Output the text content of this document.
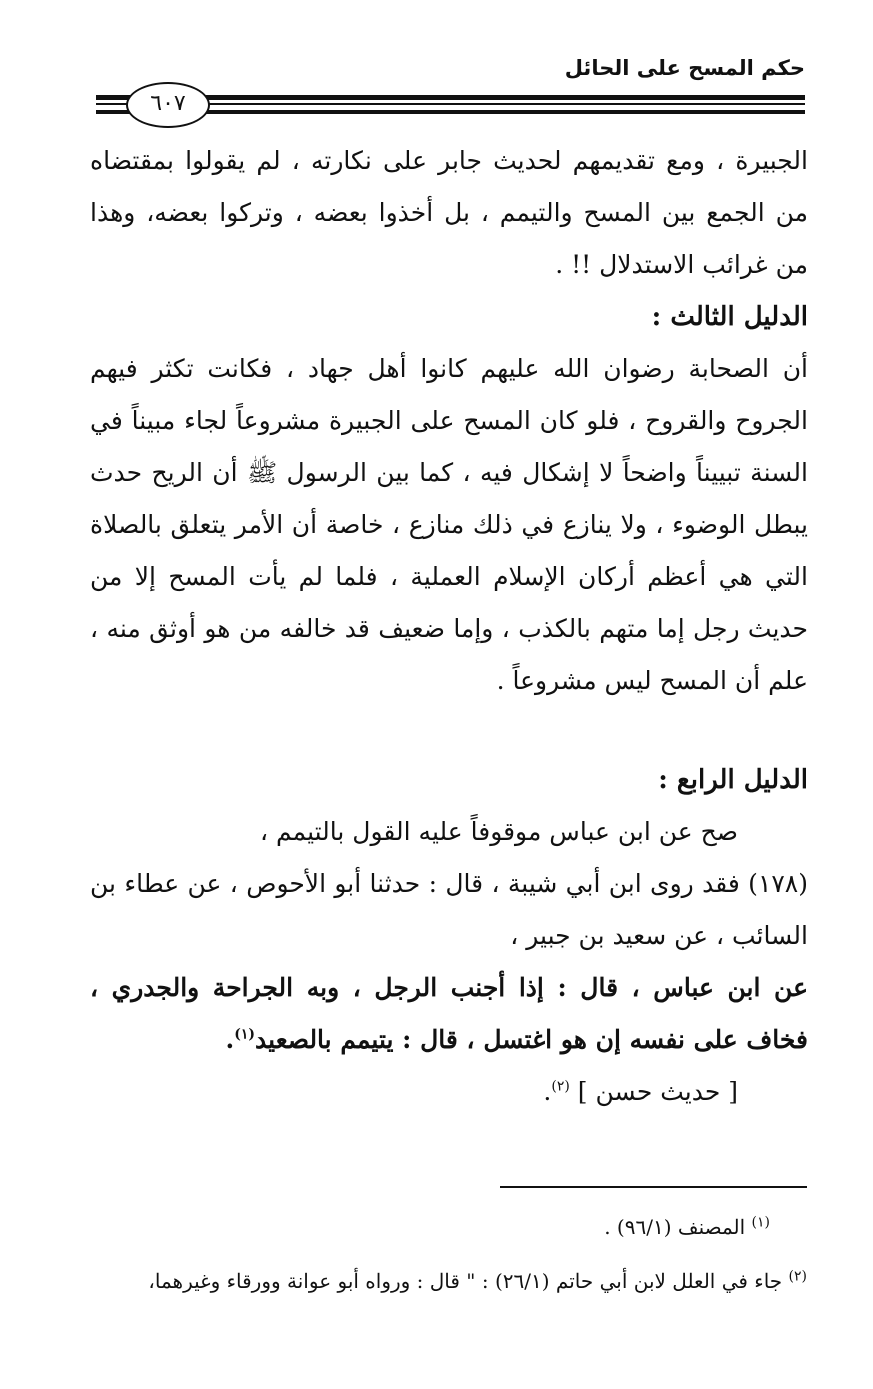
حكم المسح على الحائل
٦٠٧

الجبيرة ، ومع تقديمهم لحديث جابر على نكارته ، لم يقولوا بمقتضاه من الجمع بين المسح والتيمم ، بل أخذوا بعضه ، وتركوا بعضه، وهذا من غرائب الاستدلال !! .

الدليل الثالث :

أن الصحابة رضوان الله عليهم كانوا أهل جهاد ، فكانت تكثر فيهم الجروح والقروح ، فلو كان المسح على الجبيرة مشروعاً لجاء مبيناً في السنة تبييناً واضحاً لا إشكال فيه ، كما بين الرسول ﷺ أن الريح حدث يبطل الوضوء ، ولا ينازع في ذلك منازع ، خاصة أن الأمر يتعلق بالصلاة التي هي أعظم أركان الإسلام العملية ، فلما لم يأت المسح إلا من حديث رجل إما متهم بالكذب ، وإما ضعيف قد خالفه من هو أوثق منه ، علم أن المسح ليس مشروعاً .

الدليل الرابع :

صح عن ابن عباس موقوفاً عليه القول بالتيمم ،

(١٧٨) فقد روى ابن أبي شيبة ، قال : حدثنا أبو الأحوص ، عن عطاء بن السائب ، عن سعيد بن جبير ،

عن ابن عباس ، قال : إذا أجنب الرجل ، وبه الجراحة والجدري ، فخاف على نفسه إن هو اغتسل ، قال : يتيمم بالصعيد$^{(١)}$.

[ حديث حسن ] $^{(٢)}$.

$^{(١)}$ المصنف (٩٦/١) .
$^{(٢)}$ جاء في العلل لابن أبي حاتم (٢٦/١) : " قال : ورواه أبو عوانة وورقاء وغيرهما،
